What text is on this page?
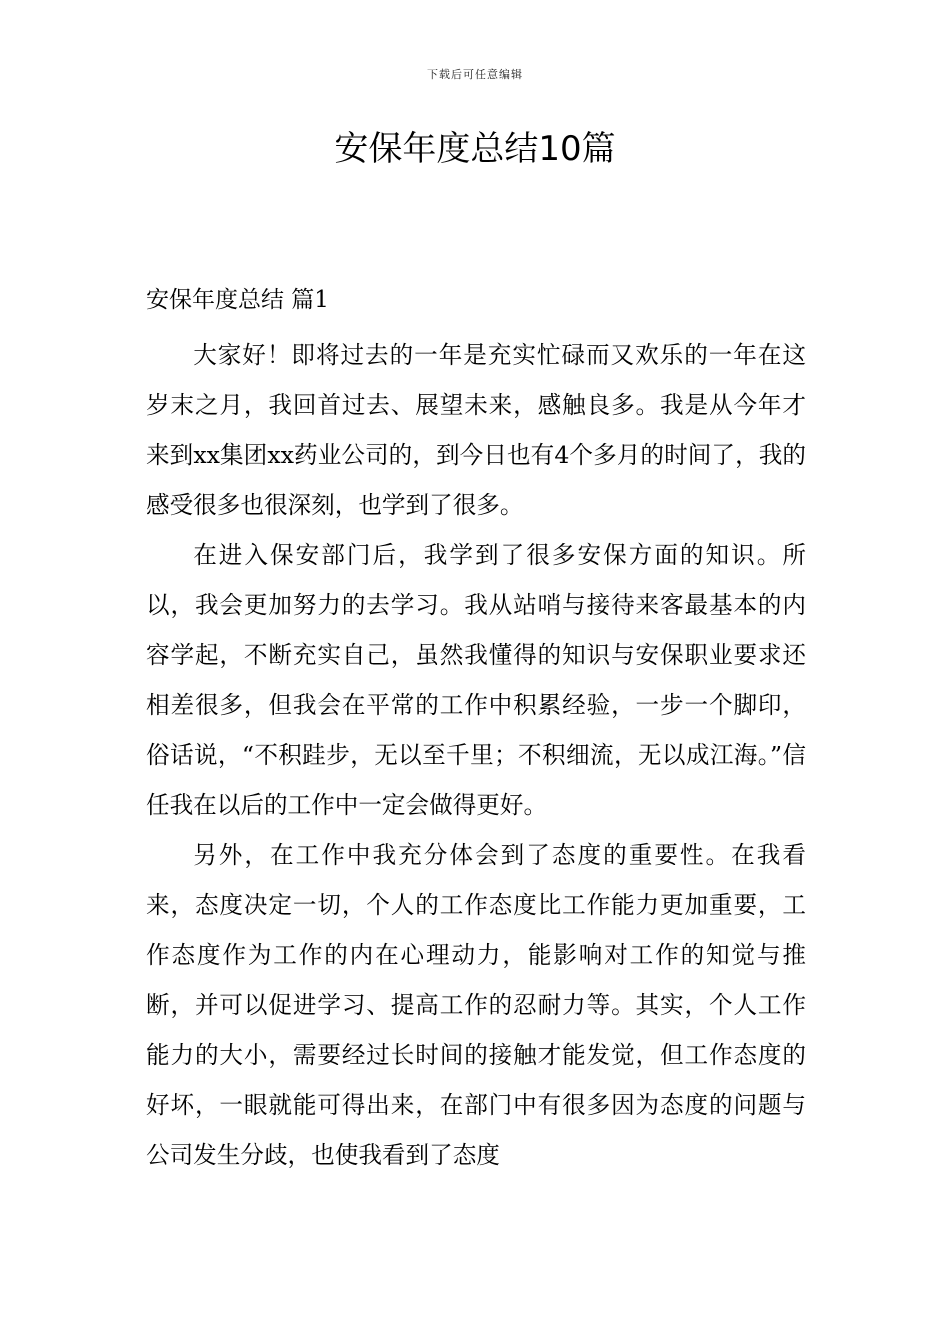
下载后可任意编辑
安保年度总结10篇
安保年度总结 篇1

大家好！即将过去的一年是充实忙碌而又欢乐的一年在这岁末之月，我回首过去、展望未来，感触良多。我是从今年才来到xx集团xx药业公司的，到今日也有4个多月的时间了，我的感受很多也很深刻，也学到了很多。

在进入保安部门后，我学到了很多安保方面的知识。所以，我会更加努力的去学习。我从站哨与接待来客最基本的内容学起，不断充实自己，虽然我懂得的知识与安保职业要求还相差很多，但我会在平常的工作中积累经验，一步一个脚印，俗话说，“不积跬步，无以至千里；不积细流，无以成江海。”信任我在以后的工作中一定会做得更好。

另外，在工作中我充分体会到了态度的重要性。在我看来，态度决定一切，个人的工作态度比工作能力更加重要，工作态度作为工作的内在心理动力，能影响对工作的知觉与推断，并可以促进学习、提高工作的忍耐力等。其实，个人工作能力的大小，需要经过长时间的接触才能发觉，但工作态度的好坏，一眼就能可得出来，在部门中有很多因为态度的问题与公司发生分歧，也使我看到了态度
